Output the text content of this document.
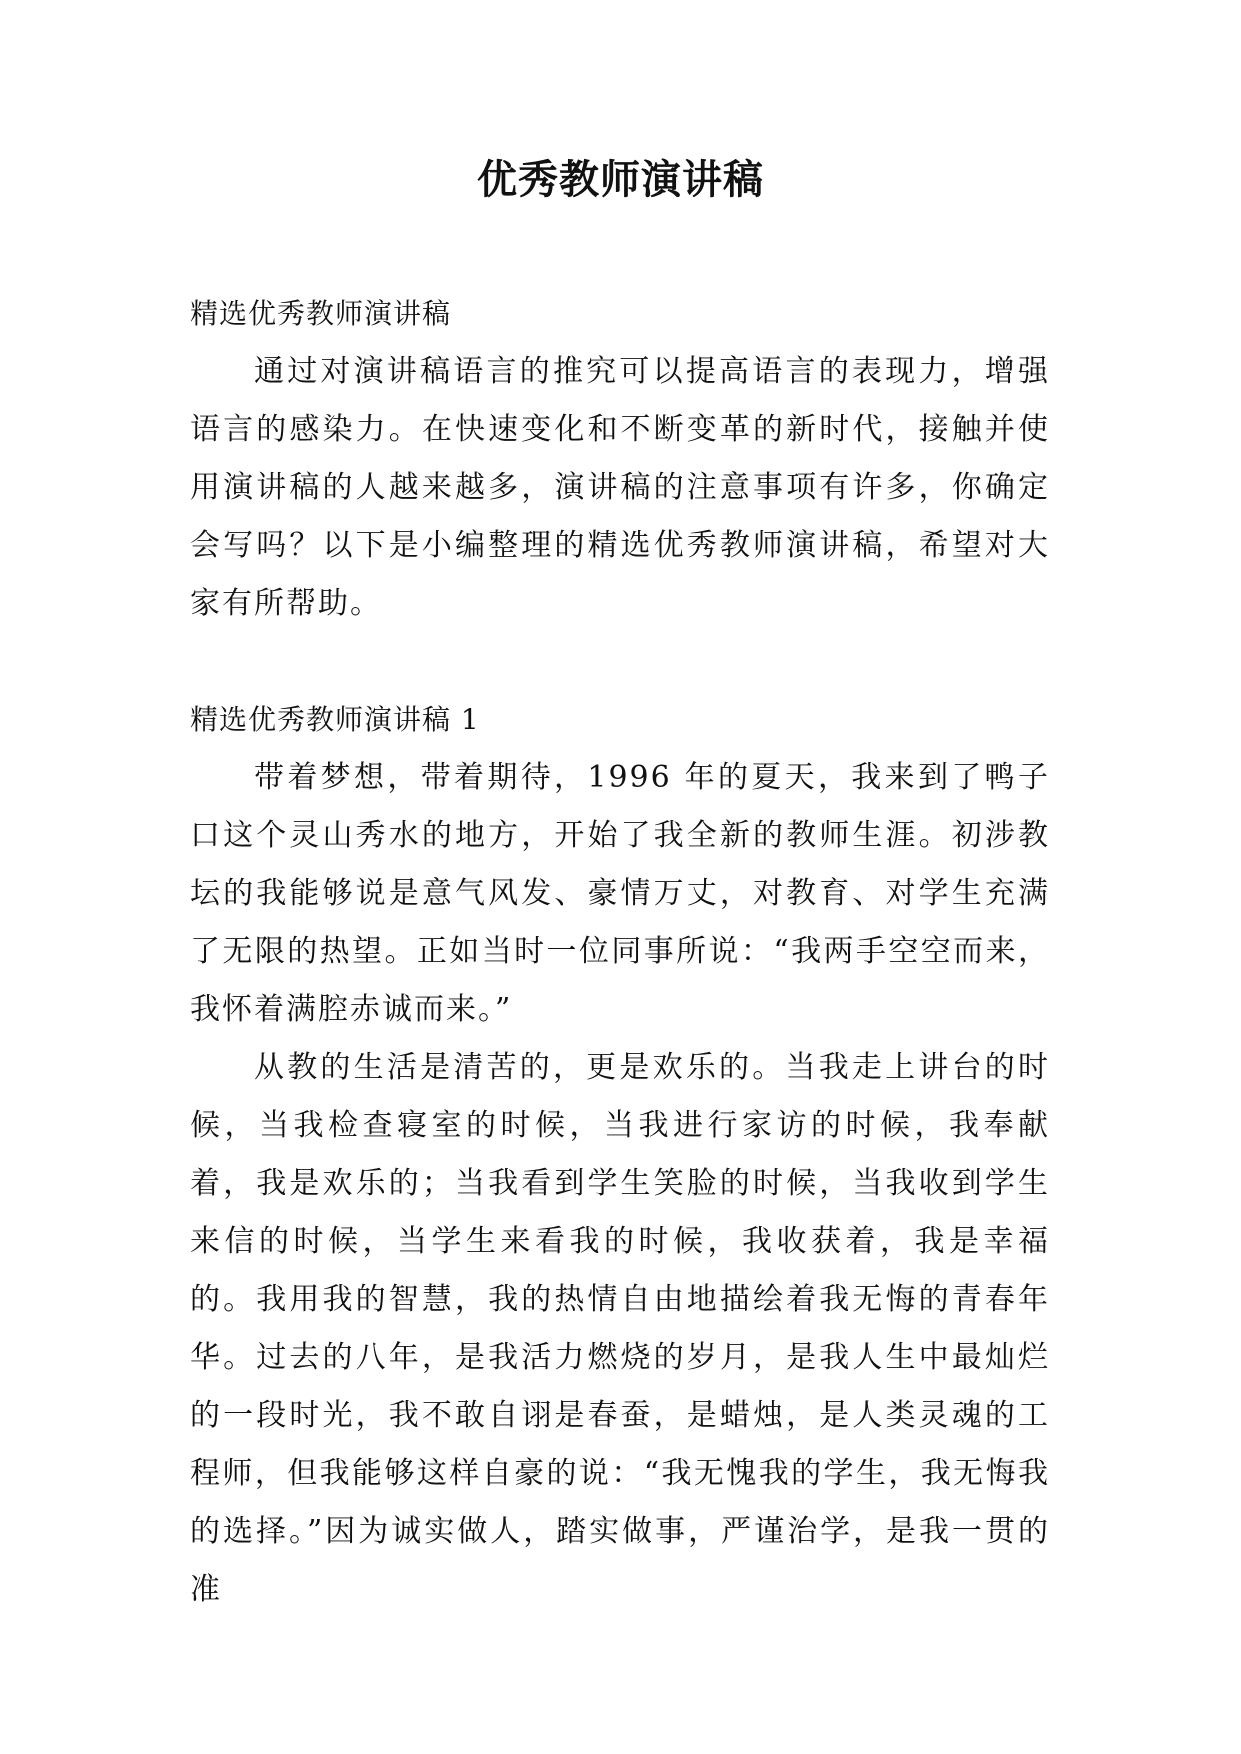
优秀教师演讲稿

精选优秀教师演讲稿

通过对演讲稿语言的推究可以提高语言的表现力，增强语言的感染力。在快速变化和不断变革的新时代，接触并使用演讲稿的人越来越多，演讲稿的注意事项有许多，你确定会写吗？以下是小编整理的精选优秀教师演讲稿，希望对大家有所帮助。

精选优秀教师演讲稿 1

带着梦想，带着期待，1996 年的夏天，我来到了鸭子口这个灵山秀水的地方，开始了我全新的教师生涯。初涉教坛的我能够说是意气风发、豪情万丈，对教育、对学生充满了无限的热望。正如当时一位同事所说：“我两手空空而来，我怀着满腔赤诚而来。”

从教的生活是清苦的，更是欢乐的。当我走上讲台的时候，当我检查寝室的时候，当我进行家访的时候，我奉献着，我是欢乐的；当我看到学生笑脸的时候，当我收到学生来信的时候，当学生来看我的时候，我收获着，我是幸福的。我用我的智慧，我的热情自由地描绘着我无悔的青春年华。过去的八年，是我活力燃烧的岁月，是我人生中最灿烂的一段时光，我不敢自诩是春蚕，是蜡烛，是人类灵魂的工程师，但我能够这样自豪的说：“我无愧我的学生，我无悔我的选择。”因为诚实做人，踏实做事，严谨治学，是我一贯的准
